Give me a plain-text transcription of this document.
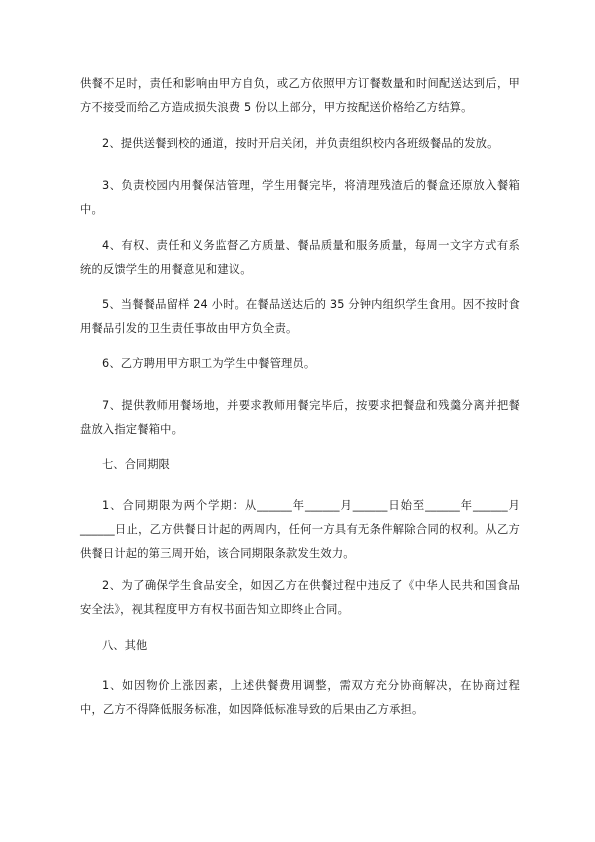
供餐不足时，责任和影响由甲方自负，或乙方依照甲方订餐数量和时间配送达到后，甲方不接受而给乙方造成损失浪费 5 份以上部分，甲方按配送价格给乙方结算。

2、提供送餐到校的通道，按时开启关闭，并负责组织校内各班级餐品的发放。

3、负责校园内用餐保洁管理，学生用餐完毕，将清理残渣后的餐盒还原放入餐箱中。

4、有权、责任和义务监督乙方质量、餐品质量和服务质量，每周一文字方式有系统的反馈学生的用餐意见和建议。

5、当餐餐品留样 24 小时。在餐品送达后的 35 分钟内组织学生食用。因不按时食用餐品引发的卫生责任事故由甲方负全责。

6、乙方聘用甲方职工为学生中餐管理员。

7、提供教师用餐场地，并要求教师用餐完毕后，按要求把餐盘和残羹分离并把餐盘放入指定餐箱中。

七、合同期限

1、合同期限为两个学期：从______年______月______日始至______年______月______日止，乙方供餐日计起的两周内，任何一方具有无条件解除合同的权利。从乙方供餐日计起的第三周开始，该合同期限条款发生效力。

2、为了确保学生食品安全，如因乙方在供餐过程中违反了《中华人民共和国食品安全法》，视其程度甲方有权书面告知立即终止合同。

八、其他

1、如因物价上涨因素，上述供餐费用调整，需双方充分协商解决，在协商过程中，乙方不得降低服务标准，如因降低标准导致的后果由乙方承担。
